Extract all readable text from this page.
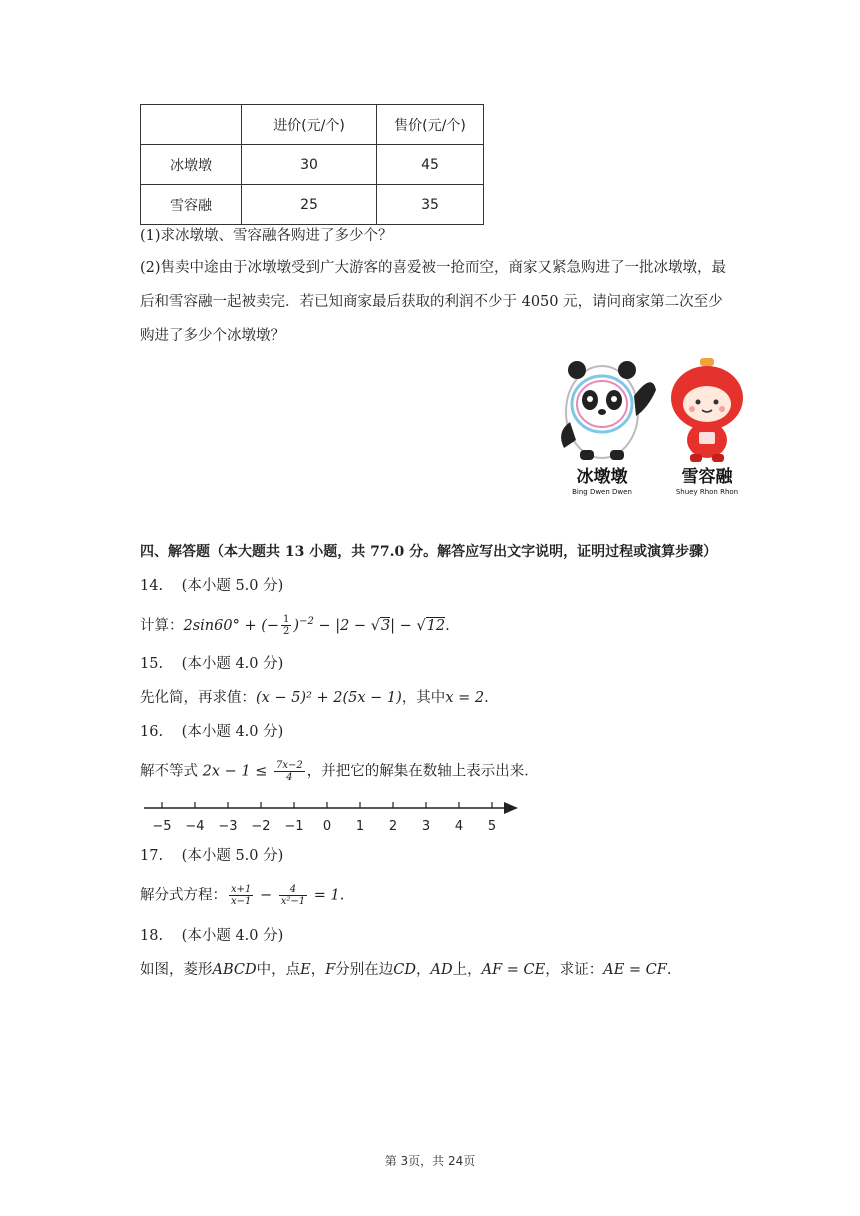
	进价(元/个)	售价(元/个)
冰墩墩	30	45
雪容融	25	35
(1)求冰墩墩、雪容融各购进了多少个？
(2)售卖中途由于冰墩墩受到广大游客的喜爱被一抢而空，商家又紧急购进了一批冰墩墩，最
后和雪容融一起被卖完．若已知商家最后获取的利润不少于 4050 元，请问商家第二次至少
购进了多少个冰墩墩？
冰墩墩
Bing Dwen Dwen
雪容融
Shuey Rhon Rhon
四、解答题（本大题共 13 小题，共 77.0 分。解答应写出文字说明，证明过程或演算步骤）
14. (本小题 5.0 分)
计算：2sin60° + (− $\frac{1}{2} )^{-2} - |2 - √3| - √12$.
15. (本小题 4.0 分)
先化简，再求值：(x − 5)² + 2(5x − 1)，其中x = 2.
16. (本小题 4.0 分)
解不等式 $2x - 1 \le \frac{7x-2}{4}$ ，并把它的解集在数轴上表示出来．
−5 −4 −3 −2 −1 0 1 2 3 4 5
17. (本小题 5.0 分)
解分式方程： $\frac{x+1}{x-1} - \frac{4}{\text{x²−1}} = 1$.
18. (本小题 4.0 分)
如图，菱形ABCD中，点E，F分别在边CD，AD上，AF = CE，求证：AE = CF.
第 3页，共 24页
